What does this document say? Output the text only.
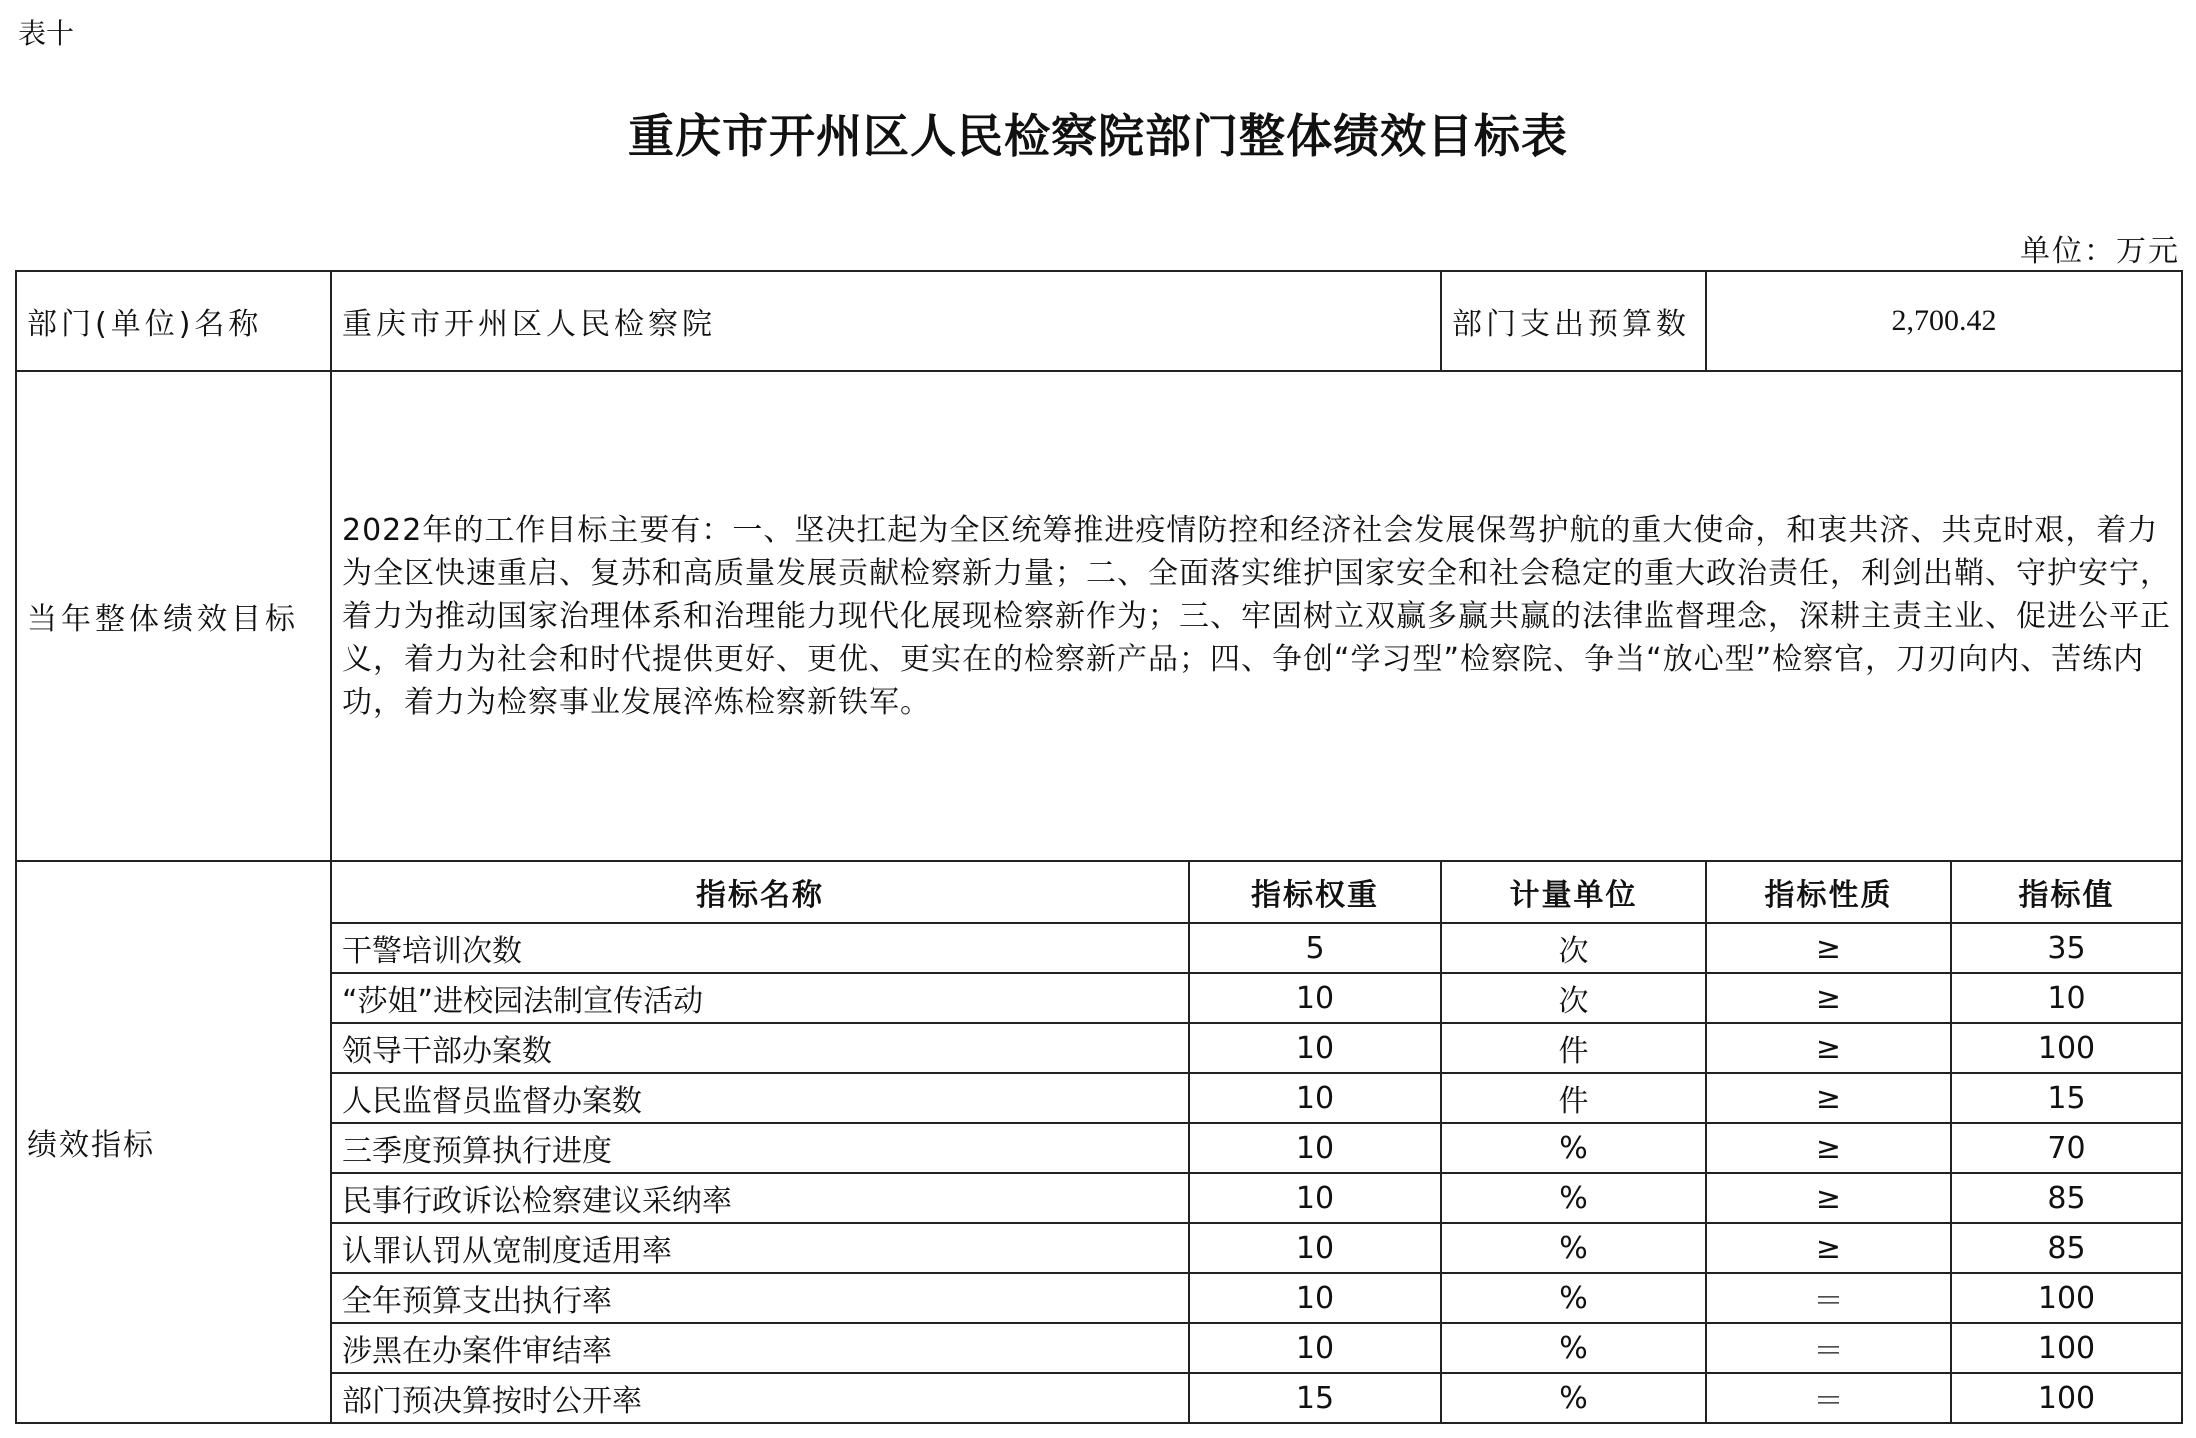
表十
重庆市开州区人民检察院部门整体绩效目标表
单位：万元
部门(单位)名称	重庆市开州区人民检察院		部门支出预算数	2,700.42	
当年整体绩效目标	2022年的工作目标主要有：一、坚决扛起为全区统筹推进疫情防控和经济社会发展保驾护航的重大使命，和衷共济、共克时艰，着力为全区快速重启、复苏和高质量发展贡献检察新力量；二、全面落实维护国家安全和社会稳定的重大政治责任，利剑出鞘、守护安宁，着力为推动国家治理体系和治理能力现代化展现检察新作为；三、牢固树立双赢多赢共赢的法律监督理念，深耕主责主业、促进公平正义，着力为社会和时代提供更好、更优、更实在的检察新产品；四、争创“学习型”检察院、争当“放心型”检察官，刀刃向内、苦练内功，着力为检察事业发展淬炼检察新铁军。				
绩效指标	指标名称	指标权重	计量单位	指标性质	指标值
	干警培训次数	5	次	≥	35
	“莎姐”进校园法制宣传活动	10	次	≥	10
	领导干部办案数	10	件	≥	100
	人民监督员监督办案数	10	件	≥	15
	三季度预算执行进度	10	%	≥	70
	民事行政诉讼检察建议采纳率	10	%	≥	85
	认罪认罚从宽制度适用率	10	%	≥	85
	全年预算支出执行率	10	%	＝	100
	涉黑在办案件审结率	10	%	＝	100
	部门预决算按时公开率	15	%	＝	100
